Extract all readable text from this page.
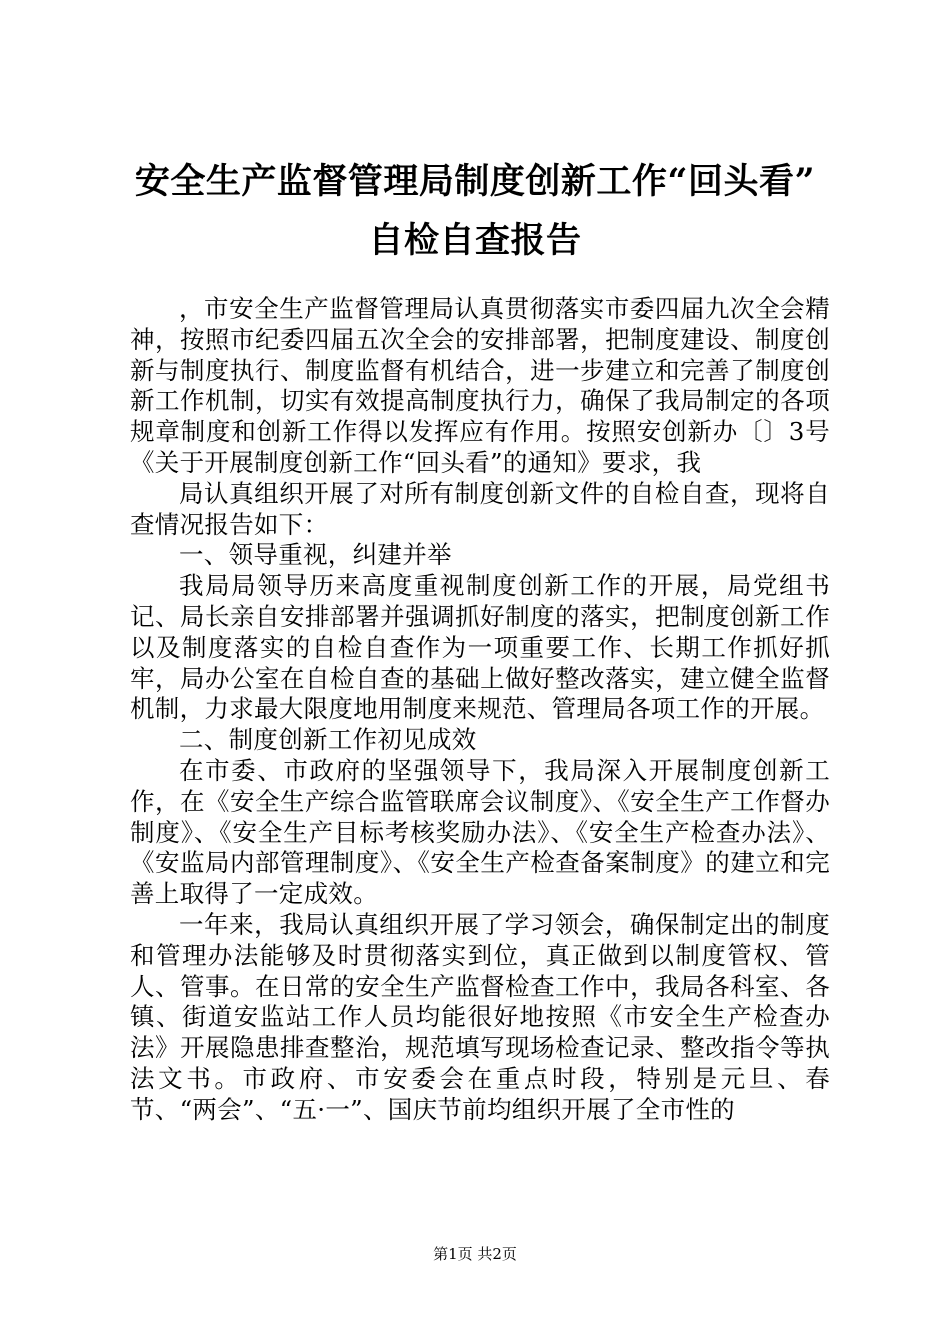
安全生产监督管理局制度创新工作“回头看”
自检自查报告

，市安全生产监督管理局认真贯彻落实市委四届九次全会精神，按照市纪委四届五次全会的安排部署，把制度建设、制度创新与制度执行、制度监督有机结合，进一步建立和完善了制度创新工作机制，切实有效提高制度执行力，确保了我局制定的各项规章制度和创新工作得以发挥应有作用。按照安创新办〔〕3号《关于开展制度创新工作“回头看”的通知》要求，我

局认真组织开展了对所有制度创新文件的自检自查，现将自查情况报告如下：

一、领导重视，纠建并举

我局局领导历来高度重视制度创新工作的开展，局党组书记、局长亲自安排部署并强调抓好制度的落实，把制度创新工作以及制度落实的自检自查作为一项重要工作、长期工作抓好抓牢，局办公室在自检自查的基础上做好整改落实，建立健全监督机制，力求最大限度地用制度来规范、管理局各项工作的开展。

二、制度创新工作初见成效

在市委、市政府的坚强领导下，我局深入开展制度创新工作，在《安全生产综合监管联席会议制度》、《安全生产工作督办制度》、《安全生产目标考核奖励办法》、《安全生产检查办法》、《安监局内部管理制度》、《安全生产检查备案制度》的建立和完善上取得了一定成效。

一年来，我局认真组织开展了学习领会，确保制定出的制度和管理办法能够及时贯彻落实到位，真正做到以制度管权、管人、管事。在日常的安全生产监督检查工作中，我局各科室、各镇、街道安监站工作人员均能很好地按照《市安全生产检查办法》开展隐患排查整治，规范填写现场检查记录、整改指令等执法文书。市政府、市安委会在重点时段，特别是元旦、春节、“两会”、“五·一”、国庆节前均组织开展了全市性的

第1页 共2页
